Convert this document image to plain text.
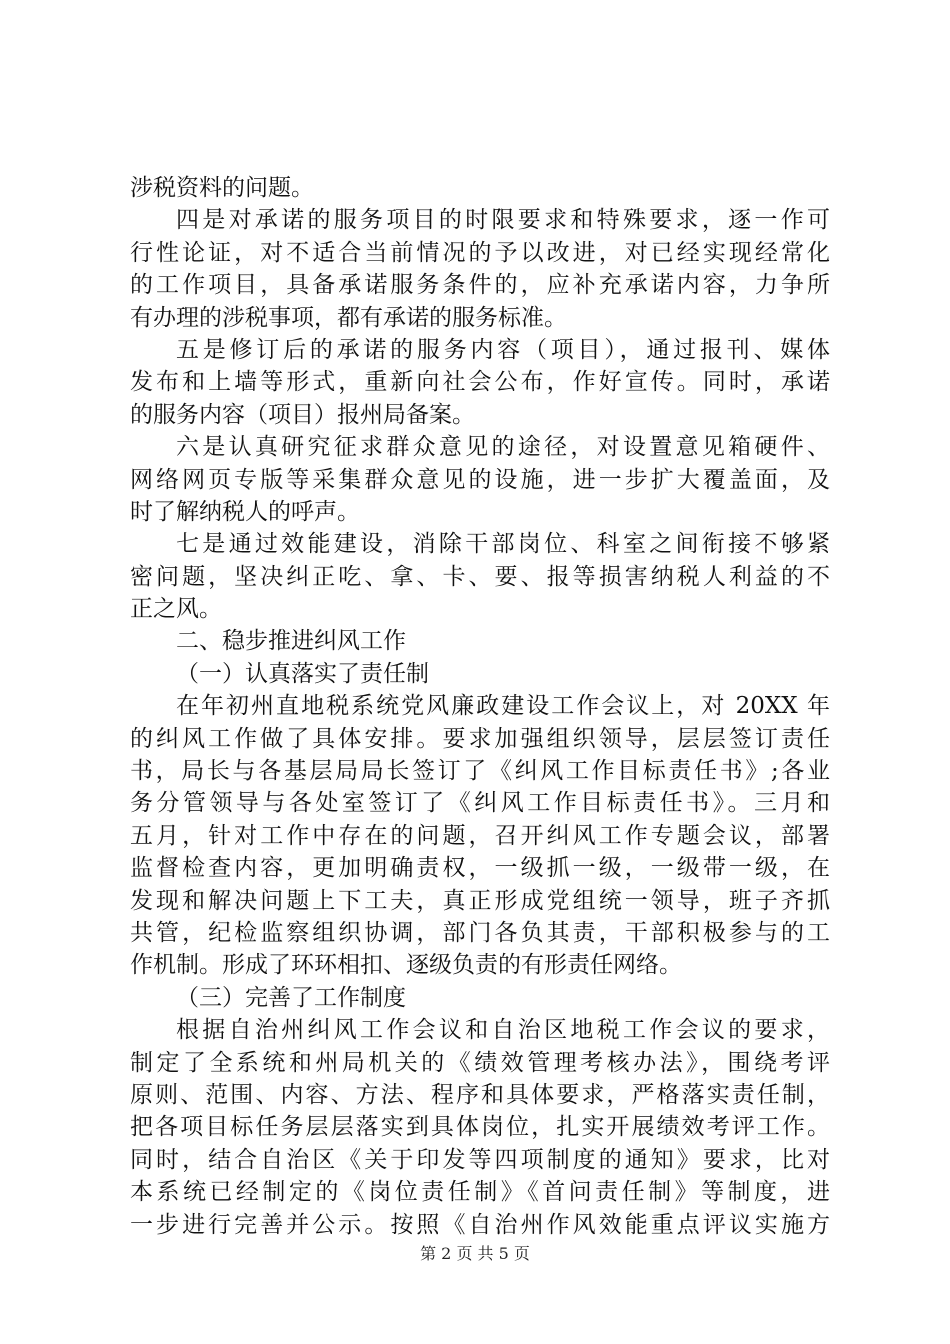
涉税资料的问题。
四是对承诺的服务项目的时限要求和特殊要求，逐一作可
行性论证，对不适合当前情况的予以改进，对已经实现经常化
的工作项目，具备承诺服务条件的，应补充承诺内容，力争所
有办理的涉税事项，都有承诺的服务标准。
五是修订后的承诺的服务内容（项目），通过报刊、媒体
发布和上墙等形式，重新向社会公布，作好宣传。同时，承诺
的服务内容（项目）报州局备案。
六是认真研究征求群众意见的途径，对设置意见箱硬件、
网络网页专版等采集群众意见的设施，进一步扩大覆盖面，及
时了解纳税人的呼声。
七是通过效能建设，消除干部岗位、科室之间衔接不够紧
密问题，坚决纠正吃、拿、卡、要、报等损害纳税人利益的不
正之风。
二、稳步推进纠风工作
（一）认真落实了责任制
在年初州直地税系统党风廉政建设工作会议上，对 20XX 年
的纠风工作做了具体安排。要求加强组织领导，层层签订责任
书，局长与各基层局局长签订了《纠风工作目标责任书》;各业
务分管领导与各处室签订了《纠风工作目标责任书》。三月和
五月，针对工作中存在的问题，召开纠风工作专题会议，部署
监督检查内容，更加明确责权，一级抓一级，一级带一级，在
发现和解决问题上下工夫，真正形成党组统一领导，班子齐抓
共管，纪检监察组织协调，部门各负其责，干部积极参与的工
作机制。形成了环环相扣、逐级负责的有形责任网络。
（三）完善了工作制度
根据自治州纠风工作会议和自治区地税工作会议的要求，
制定了全系统和州局机关的《绩效管理考核办法》，围绕考评
原则、范围、内容、方法、程序和具体要求，严格落实责任制，
把各项目标任务层层落实到具体岗位，扎实开展绩效考评工作。
同时，结合自治区《关于印发等四项制度的通知》要求，比对
本系统已经制定的《岗位责任制》《首问责任制》等制度，进
一步进行完善并公示。按照《自治州作风效能重点评议实施方
第 2 页 共 5 页
